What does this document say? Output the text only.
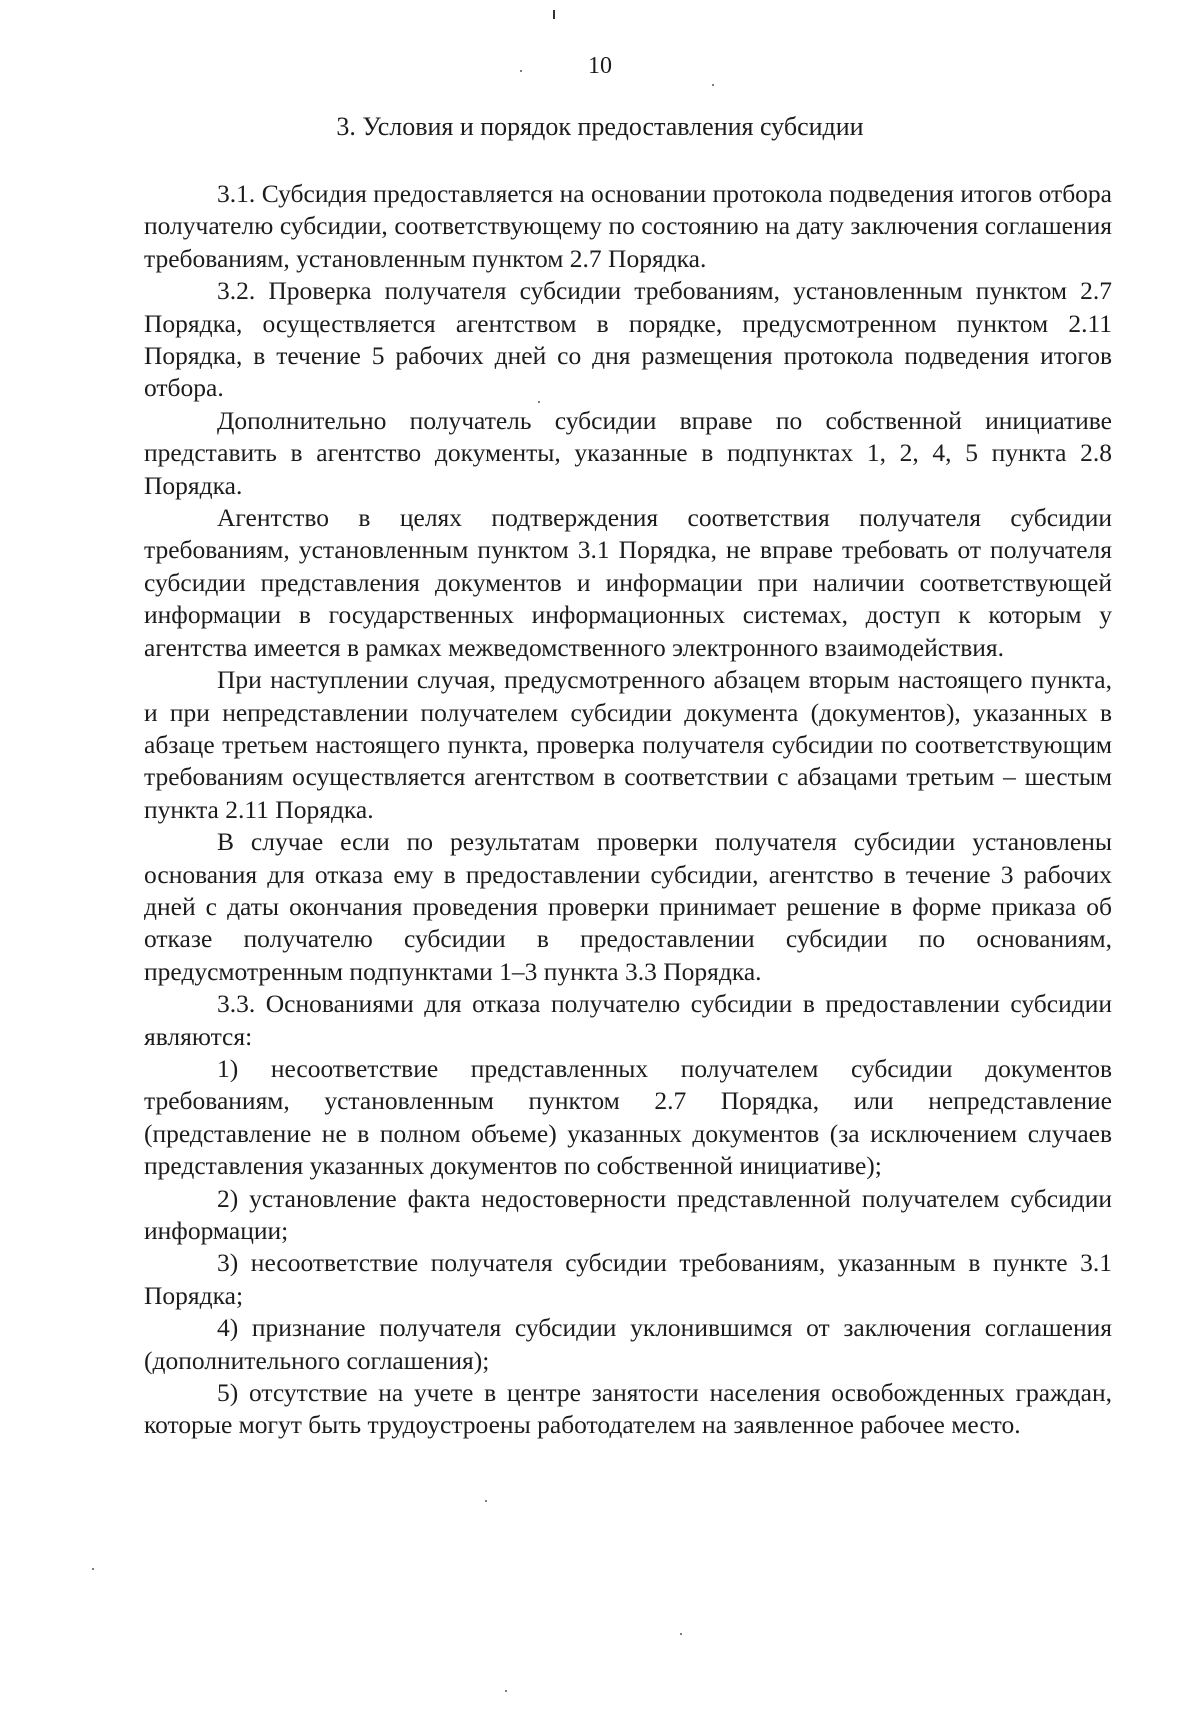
10
3. Условия и порядок предоставления субсидии

3.1. Субсидия предоставляется на основании протокола подведения итогов отбора получателю субсидии, соответствующему по состоянию на дату заключения соглашения требованиям, установленным пунктом 2.7 Порядка.

3.2. Проверка получателя субсидии требованиям, установленным пунктом 2.7 Порядка, осуществляется агентством в порядке, предусмотренном пунктом 2.11 Порядка, в течение 5 рабочих дней со дня размещения протокола подведения итогов отбора.

Дополнительно получатель субсидии вправе по собственной инициативе представить в агентство документы, указанные в подпунктах 1, 2, 4, 5 пункта 2.8 Порядка.

Агентство в целях подтверждения соответствия получателя субсидии требованиям, установленным пунктом 3.1 Порядка, не вправе требовать от получателя субсидии представления документов и информации при наличии соответствующей информации в государственных информационных системах, доступ к которым у агентства имеется в рамках межведомственного электронного взаимодействия.

При наступлении случая, предусмотренного абзацем вторым настоящего пункта, и при непредставлении получателем субсидии документа (документов), указанных в абзаце третьем настоящего пункта, проверка получателя субсидии по соответствующим требованиям осуществляется агентством в соответствии с абзацами третьим – шестым пункта 2.11 Порядка.

В случае если по результатам проверки получателя субсидии установлены основания для отказа ему в предоставлении субсидии, агентство в течение 3 рабочих дней с даты окончания проведения проверки принимает решение в форме приказа об отказе получателю субсидии в предоставлении субсидии по основаниям, предусмотренным подпунктами 1–3 пункта 3.3 Порядка.

3.3. Основаниями для отказа получателю субсидии в предоставлении субсидии являются:

1) несоответствие представленных получателем субсидии документов требованиям, установленным пунктом 2.7 Порядка, или непредставление (представление не в полном объеме) указанных документов (за исключением случаев представления указанных документов по собственной инициативе);

2) установление факта недостоверности представленной получателем субсидии информации;

3) несоответствие получателя субсидии требованиям, указанным в пункте 3.1 Порядка;

4) признание получателя субсидии уклонившимся от заключения соглашения (дополнительного соглашения);

5) отсутствие на учете в центре занятости населения освобожденных граждан, которые могут быть трудоустроены работодателем на заявленное рабочее место.
